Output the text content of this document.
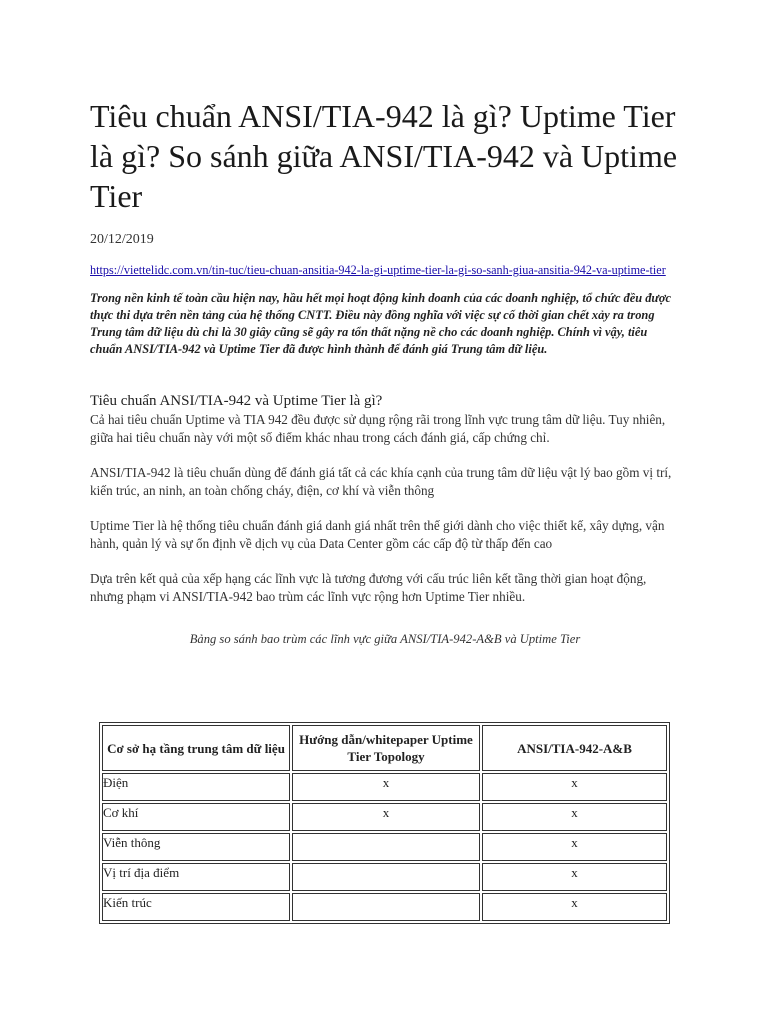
Tiêu chuẩn ANSI/TIA-942 là gì? Uptime Tier là gì? So sánh giữa ANSI/TIA-942 và Uptime Tier
20/12/2019
https://viettelidc.com.vn/tin-tuc/tieu-chuan-ansitia-942-la-gi-uptime-tier-la-gi-so-sanh-giua-ansitia-942-va-uptime-tier

Trong nền kinh tế toàn cầu hiện nay, hầu hết mọi hoạt động kinh doanh của các doanh nghiệp, tổ chức đều được thực thi dựa trên nền tảng của hệ thống CNTT. Điều này đồng nghĩa với việc sự cố thời gian chết xảy ra trong Trung tâm dữ liệu dù chỉ là 30 giây cũng sẽ gây ra tổn thất nặng nề cho các doanh nghiệp. Chính vì vậy, tiêu chuẩn ANSI/TIA-942 và Uptime Tier đã được hình thành để đánh giá Trung tâm dữ liệu.

Tiêu chuẩn ANSI/TIA-942 và Uptime Tier là gì?

Cả hai tiêu chuẩn Uptime và TIA 942 đều được sử dụng rộng rãi trong lĩnh vực trung tâm dữ liệu. Tuy nhiên, giữa hai tiêu chuẩn này với một số điểm khác nhau trong cách đánh giá, cấp chứng chỉ.

ANSI/TIA-942 là tiêu chuẩn dùng để đánh giá tất cả các khía cạnh của trung tâm dữ liệu vật lý bao gồm vị trí, kiến trúc, an ninh, an toàn chống cháy, điện, cơ khí và viễn thông

Uptime Tier là hệ thống tiêu chuẩn đánh giá danh giá nhất trên thế giới dành cho việc thiết kế, xây dựng, vận hành, quản lý và sự ổn định về dịch vụ của Data Center gồm các cấp độ từ thấp đến cao

Dựa trên kết quả của xếp hạng các lĩnh vực là tương đương với cấu trúc liên kết tầng thời gian hoạt động, nhưng phạm vi ANSI/TIA-942 bao trùm các lĩnh vực rộng hơn Uptime Tier nhiều.

Bảng so sánh bao trùm các lĩnh vực giữa ANSI/TIA-942-A&B và Uptime Tier
Cơ sở hạ tầng trung tâm dữ liệu	Hướng dẫn/whitepaper Uptime Tier Topology	ANSI/TIA-942-A&B
Điện	x	x
Cơ khí	x	x
Viễn thông		x
Vị trí địa điểm		x
Kiến trúc		x
